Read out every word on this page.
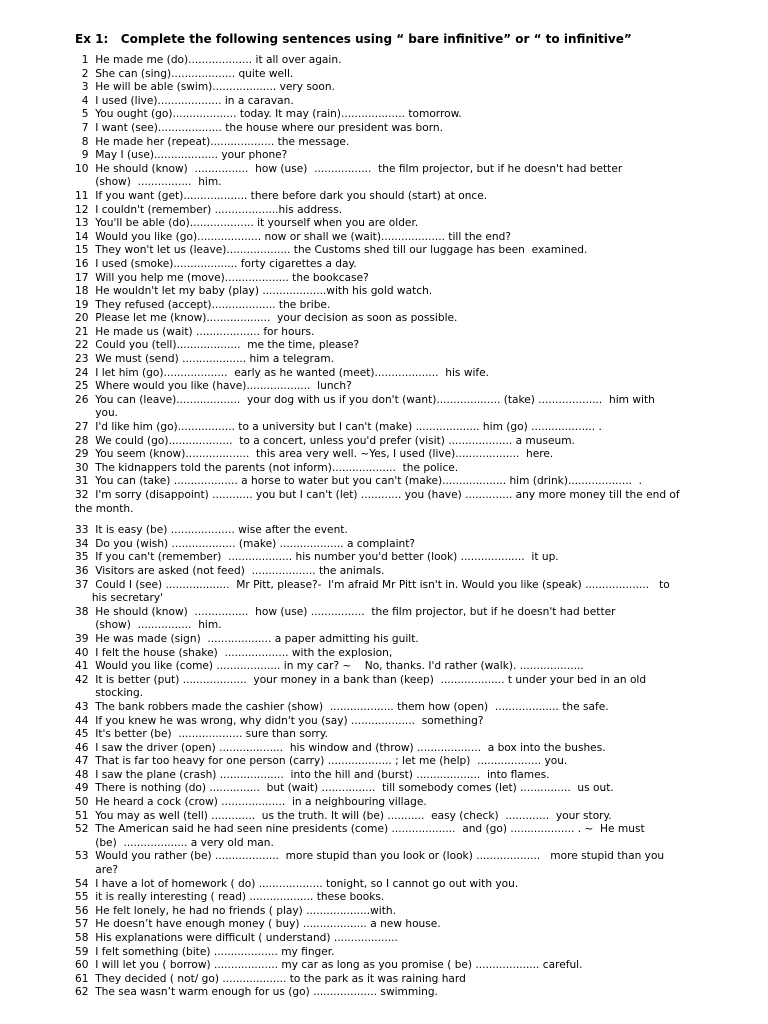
Ex 1:   Complete the following sentences using “ bare infinitive” or “ to infinitive”
1  He made me (do)................... it all over again.
2  She can (sing)................... quite well.
3  He will be able (swim)................... very soon.
4  I used (live)................... in a caravan.
5  You ought (go)................... today. It may (rain)................... tomorrow.
7  I want (see)................... the house where our president was born.
8  He made her (repeat)................... the message.
9  May I (use)................... your phone?
10  He should (know)  ................  how (use)  .................  the film projector, but if he doesn't had better
(show)  ................  him.
11  If you want (get)................... there before dark you should (start) at once.
12  I couldn't (remember) ...................his address.
13  You'll be able (do)................... it yourself when you are older.
14  Would you like (go)................... now or shall we (wait)................... till the end?
15  They won't let us (leave)................... the Customs shed till our luggage has been  examined.
16  I used (smoke)................... forty cigarettes a day.
17  Will you help me (move)................... the bookcase?
18  He wouldn't let my baby (play) ...................with his gold watch.
19  They refused (accept)................... the bribe.
20  Please let me (know)...................  your decision as soon as possible.
21  He made us (wait) ................... for hours.
22  Could you (tell)...................  me the time, please?
23  We must (send) ................... him a telegram.
24  I let him (go)...................  early as he wanted (meet)...................  his wife.
25  Where would you like (have)...................  lunch?
26  You can (leave)...................  your dog with us if you don't (want)................... (take) ...................  him with
you.
27  I'd like him (go)................. to a university but I can't (make) ................... him (go) ................... .
28  We could (go)...................  to a concert, unless you'd prefer (visit) ................... a museum.
29  You seem (know)...................  this area very well. ~Yes, I used (live)...................  here.
30  The kidnappers told the parents (not inform)...................  the police.
31  You can (take) ................... a horse to water but you can't (make)................... him (drink)...................  .
32  I'm sorry (disappoint) ............ you but I can't (let) ............ you (have) .............. any more money till the end of
the month.
33  It is easy (be) ................... wise after the event.
34  Do you (wish) ................... (make) ................... a complaint?
35  If you can't (remember)  ................... his number you'd better (look) ...................  it up.
36  Visitors are asked (not feed)  ................... the animals.
37  Could I (see) ...................  Mr Pitt, please?-  I'm afraid Mr Pitt isn't in. Would you like (speak) ...................   to
his secretary'
38  He should (know)  ................  how (use) ................  the film projector, but if he doesn't had better
(show)  ................  him.
39  He was made (sign)  ................... a paper admitting his guilt.
40  I felt the house (shake)  ................... with the explosion,
41  Would you like (come) ................... in my car? ~    No, thanks. I'd rather (walk). ...................
42  It is better (put) ...................  your money in a bank than (keep)  ................... t under your bed in an old
stocking.
43  The bank robbers made the cashier (show)  ................... them how (open)  ................... the safe.
44  If you knew he was wrong, why didn't you (say) ...................  something?
45  It's better (be)  ................... sure than sorry.
46  I saw the driver (open) ...................  his window and (throw) ...................  a box into the bushes.
47  That is far too heavy for one person (carry) ................... ; let me (help)  ................... you.
48  I saw the plane (crash) ...................  into the hill and (burst) ...................  into flames.
49  There is nothing (do) ...............  but (wait) ................  till somebody comes (let) ...............  us out.
50  He heard a cock (crow) ...................  in a neighbouring village.
51  You may as well (tell) .............  us the truth. It will (be) ...........  easy (check)  .............  your story.
52  The American said he had seen nine presidents (come) ...................  and (go) ................... . ~  He must
(be)  ................... a very old man.
53  Would you rather (be) ...................  more stupid than you look or (look) ...................   more stupid than you
are?
54  I have a lot of homework ( do) ................... tonight, so I cannot go out with you.
55  it is really interesting ( read) ................... these books.
56  He felt lonely, he had no friends ( play) ...................with.
57  He doesn’t have enough money ( buy) ................... a new house.
58  His explanations were difficult ( understand) ...................
59  I felt something (bite) ................... my finger.
60  I will let you ( borrow) ................... my car as long as you promise ( be) ................... careful.
61  They decided ( not/ go) ................... to the park as it was raining hard
62  The sea wasn’t warm enough for us (go) ................... swimming.
